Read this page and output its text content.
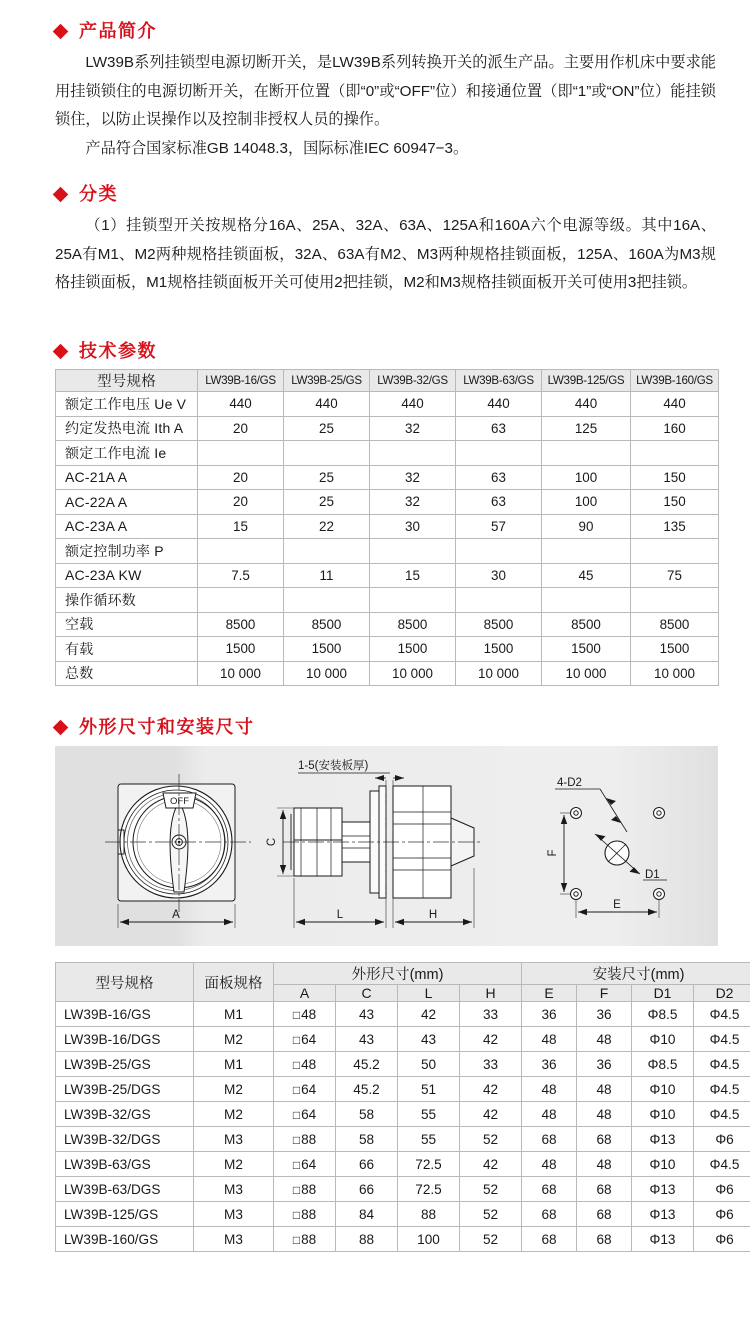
产品简介

LW39B系列挂锁型电源切断开关，是LW39B系列转换开关的派生产品。主要用作机床中要求能用挂锁锁住的电源切断开关，在断开位置（即“0”或“OFF”位）和接通位置（即“1”或“ON”位）能挂锁锁住，以防止误操作以及控制非授权人员的操作。

产品符合国家标准GB 14048.3，国际标准IEC 60947−3。

分类

（1）挂锁型开关按规格分16A、25A、32A、63A、125A和160A六个电源等级。其中16A、25A有M1、M2两种规格挂锁面板，32A、63A有M2、M3两种规格挂锁面板，125A、160A为M3规格挂锁面板，M1规格挂锁面板开关可使用2把挂锁，M2和M3规格挂锁面板开关可使用3把挂锁。

技术参数
型号规格	LW39B-16/GS	LW39B-25/GS	LW39B-32/GS	LW39B-63/GS	LW39B-125/GS	LW39B-160/GS
额定工作电压 Ue V	440	440	440	440	440	440
约定发热电流 Ith A	20	25	32	63	125	160
额定工作电流 Ie						
AC-21A A	20	25	32	63	100	150
AC-22A A	20	25	32	63	100	150
AC-23A A	15	22	30	57	90	135
额定控制功率 P						
AC-23A KW	7.5	11	15	30	45	75
操作循环数						
空载	8500	8500	8500	8500	8500	8500
有载	1500	1500	1500	1500	1500	1500
总数	10 000	10 000	10 000	10 000	10 000	10 000
外形尺寸和安装尺寸
OFF
A
C
1-5(安装板厚)
L	H
D1
4-D2
F
E
型号规格	面板规格	外形尺寸(mm)				安装尺寸(mm)			
		A	C	L	H	E	F	D1	D2
LW39B-16/GS	M1	□ 48	43	42	33	36	36	Φ8.5	Φ4.5
LW39B-16/DGS	M2	□ 64	43	43	42	48	48	Φ10	Φ4.5
LW39B-25/GS	M1	□ 48	45.2	50	33	36	36	Φ8.5	Φ4.5
LW39B-25/DGS	M2	□ 64	45.2	51	42	48	48	Φ10	Φ4.5
LW39B-32/GS	M2	□ 64	58	55	42	48	48	Φ10	Φ4.5
LW39B-32/DGS	M3	□ 88	58	55	52	68	68	Φ13	Φ6
LW39B-63/GS	M2	□ 64	66	72.5	42	48	48	Φ10	Φ4.5
LW39B-63/DGS	M3	□ 88	66	72.5	52	68	68	Φ13	Φ6
LW39B-125/GS	M3	□ 88	84	88	52	68	68	Φ13	Φ6
LW39B-160/GS	M3	□ 88	88	100	52	68	68	Φ13	Φ6
